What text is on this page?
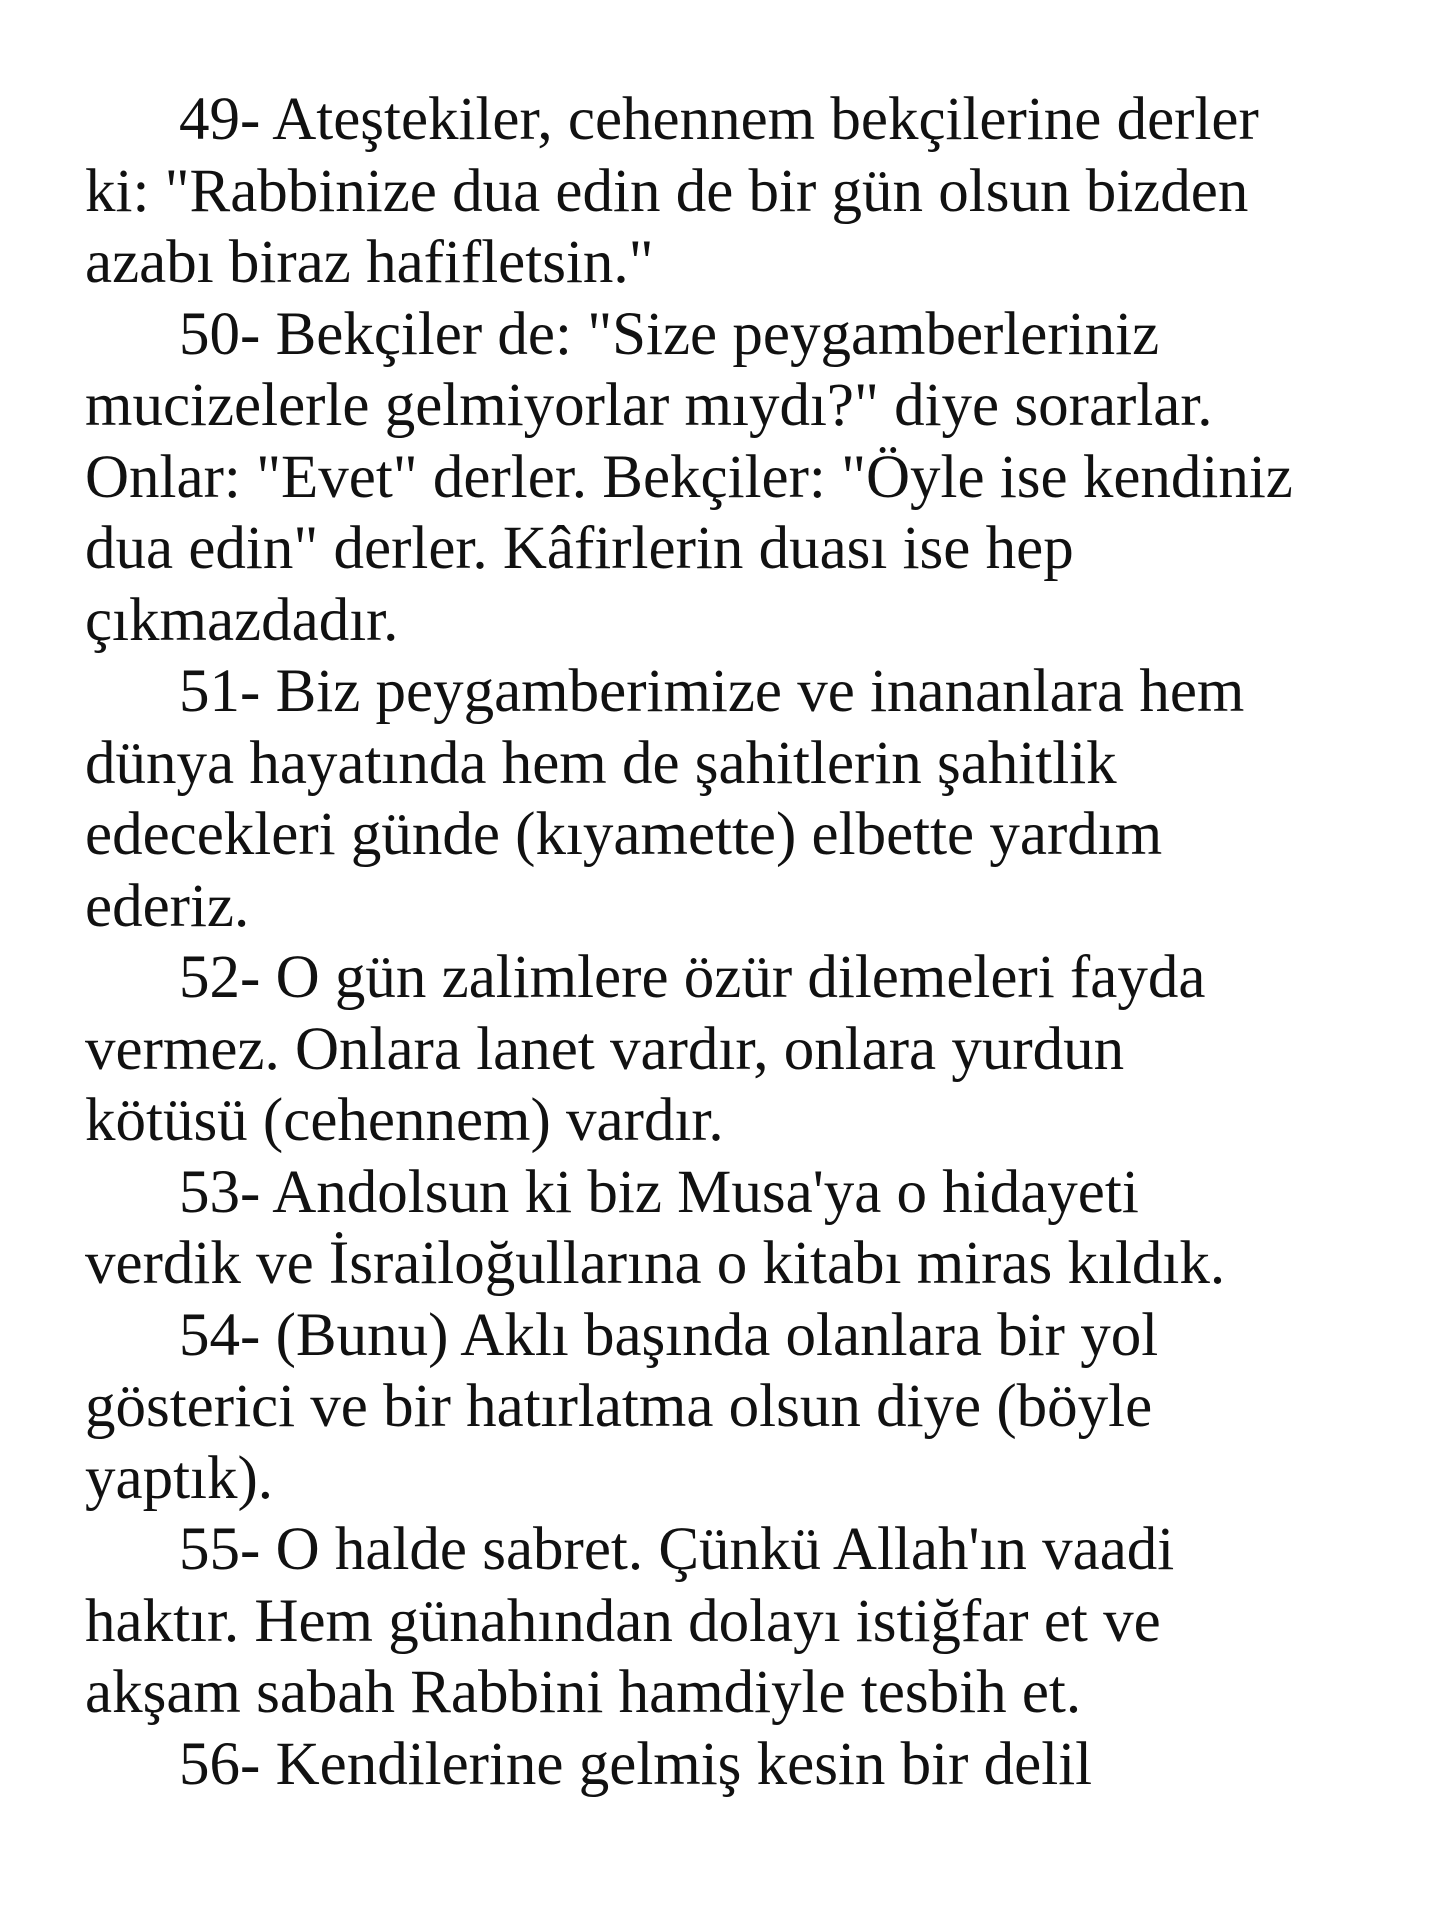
49- Ateştekiler, cehennem bekçilerine derler
ki: "Rabbinize dua edin de bir gün olsun bizden
azabı biraz hafifletsin."

50- Bekçiler de: "Size peygamberleriniz
mucizelerle gelmiyorlar mıydı?" diye sorarlar.
Onlar: "Evet" derler. Bekçiler: "Öyle ise kendiniz
dua edin" derler. Kâfirlerin duası ise hep
çıkmazdadır.

51- Biz peygamberimize ve inananlara hem
dünya hayatında hem de şahitlerin şahitlik
edecekleri günde (kıyamette) elbette yardım
ederiz.

52- O gün zalimlere özür dilemeleri fayda
vermez. Onlara lanet vardır, onlara yurdun
kötüsü (cehennem) vardır.

53- Andolsun ki biz Musa'ya o hidayeti
verdik ve İsrailoğullarına o kitabı miras kıldık.

54- (Bunu) Aklı başında olanlara bir yol
gösterici ve bir hatırlatma olsun diye (böyle
yaptık).

55- O halde sabret. Çünkü Allah'ın vaadi
haktır. Hem günahından dolayı istiğfar et ve
akşam sabah Rabbini hamdiyle tesbih et.

56- Kendilerine gelmiş kesin bir delil
